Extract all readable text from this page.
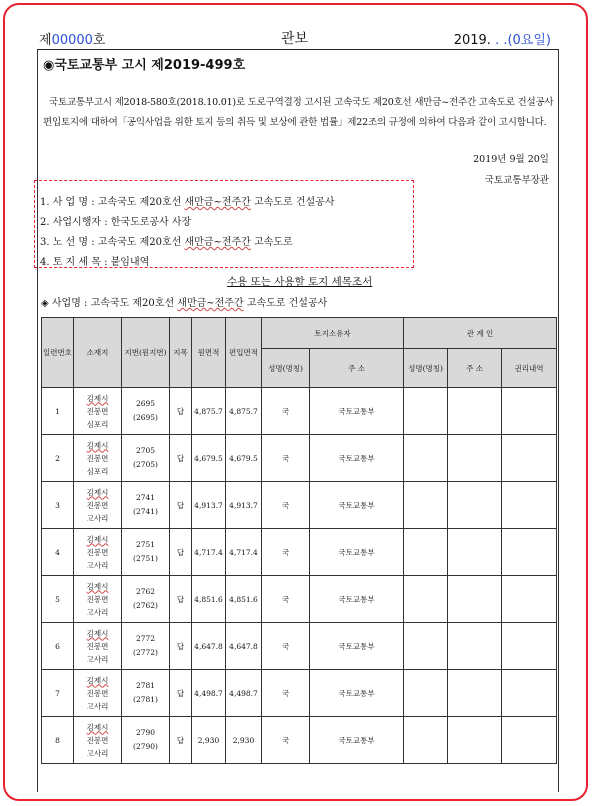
제00000호	관보	2019. . .(0요일)
◉국토교통부 고시 제2019-499호
국토교통부고시 제2018-580호(2018.10.01)로 도로구역결정 고시된 고속국도 제20호선 새만금~전주간 고속도로 건설공사 편입토지에 대하여「공익사업을 위한 토지 등의 취득 및 보상에 관한 법률」제22조의 규정에 의하여 다음과 같이 고시합니다.
2019년 9월 20일
국토교통부장관
1. 사 업 명 : 고속국도 제20호선 새만금~전주간 고속도로 건설공사
2. 사업시행자 : 한국도로공사 사장
3. 노 선 명 : 고속국도 제20호선 새만금~전주간 고속도로
4. 토 지 세 목 : 붙임내역
수용 또는 사용할 토지 세목조서
◈ 사업명 : 고속국도 제20호선 새만금~전주간 고속도로 건설공사
일련번호	소재지	지번(원지번)	지목	원면적	편입면적	토지소유자		관 계 인		
						성명(명칭)	주 소	성명(명칭)	주 소	권리내역
1	김제시
진봉면
심포리	2695
(2695)	답	4,875.7	4,875.7	국	국토교통부			
2	김제시
진봉면
심포리	2705
(2705)	답	4,679.5	4,679.5	국	국토교통부			
3	김제시
진봉면
고사리	2741
(2741)	답	4,913.7	4,913.7	국	국토교통부			
4	김제시
진봉면
고사리	2751
(2751)	답	4,717.4	4,717.4	국	국토교통부			
5	김제시
진봉면
고사리	2762
(2762)	답	4,851.6	4,851.6	국	국토교통부			
6	김제시
진봉면
고사리	2772
(2772)	답	4,647.8	4,647.8	국	국토교통부			
7	김제시
진봉면
고사리	2781
(2781)	답	4,498.7	4,498.7	국	국토교통부			
8	김제시
진봉면
고사리	2790
(2790)	답	2,930	2,930	국	국토교통부			
